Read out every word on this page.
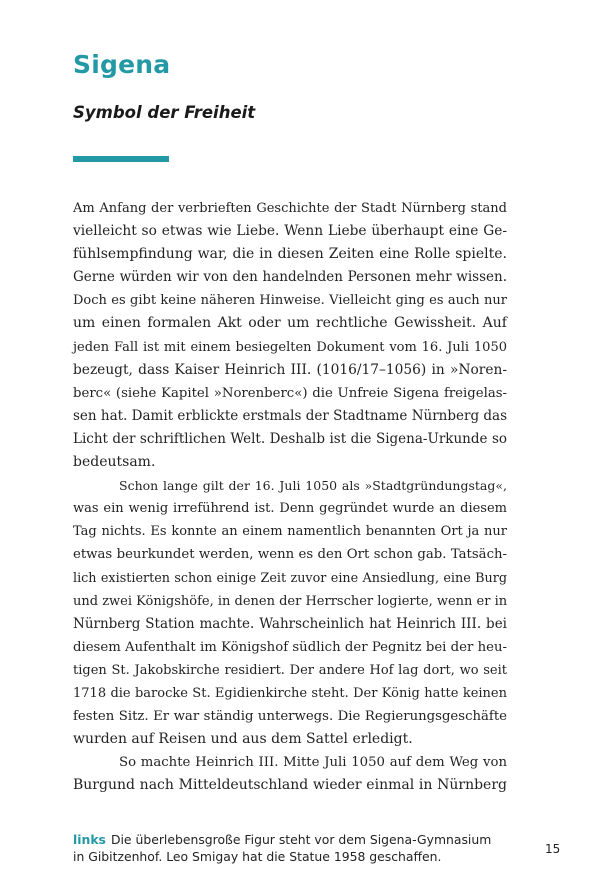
Sigena
Symbol der Freiheit
Am Anfang der verbrieften Geschichte der Stadt Nürnberg stand
vielleicht so etwas wie Liebe. Wenn Liebe überhaupt eine Ge-
fühlsempfindung war, die in diesen Zeiten eine Rolle spielte.
Gerne würden wir von den handelnden Personen mehr wissen.
Doch es gibt keine näheren Hinweise. Vielleicht ging es auch nur
um einen formalen Akt oder um rechtliche Gewissheit. Auf
jeden Fall ist mit einem besiegelten Dokument vom 16. Juli 1050
bezeugt, dass Kaiser Heinrich III. (1016/17–1056) in »Noren-
berc« (siehe Kapitel »Norenberc«) die Unfreie Sigena freigelas-
sen hat. Damit erblickte erstmals der Stadtname Nürnberg das
Licht der schriftlichen Welt. Deshalb ist die Sigena-Urkunde so
bedeutsam.
Schon lange gilt der 16. Juli 1050 als »Stadtgründungstag«,
was ein wenig irreführend ist. Denn gegründet wurde an diesem
Tag nichts. Es konnte an einem namentlich benannten Ort ja nur
etwas beurkundet werden, wenn es den Ort schon gab. Tatsäch-
lich existierten schon einige Zeit zuvor eine Ansiedlung, eine Burg
und zwei Königshöfe, in denen der Herrscher logierte, wenn er in
Nürnberg Station machte. Wahrscheinlich hat Heinrich III. bei
diesem Aufenthalt im Königshof südlich der Pegnitz bei der heu-
tigen St. Jakobskirche residiert. Der andere Hof lag dort, wo seit
1718 die barocke St. Egidienkirche steht. Der König hatte keinen
festen Sitz. Er war ständig unterwegs. Die Regierungsgeschäfte
wurden auf Reisen und aus dem Sattel erledigt.
So machte Heinrich III. Mitte Juli 1050 auf dem Weg von
Burgund nach Mitteldeutschland wieder einmal in Nürnberg
links Die überlebensgroße Figur steht vor dem Sigena-Gymnasium
in Gibitzenhof. Leo Smigay hat die Statue 1958 geschaffen.	15
